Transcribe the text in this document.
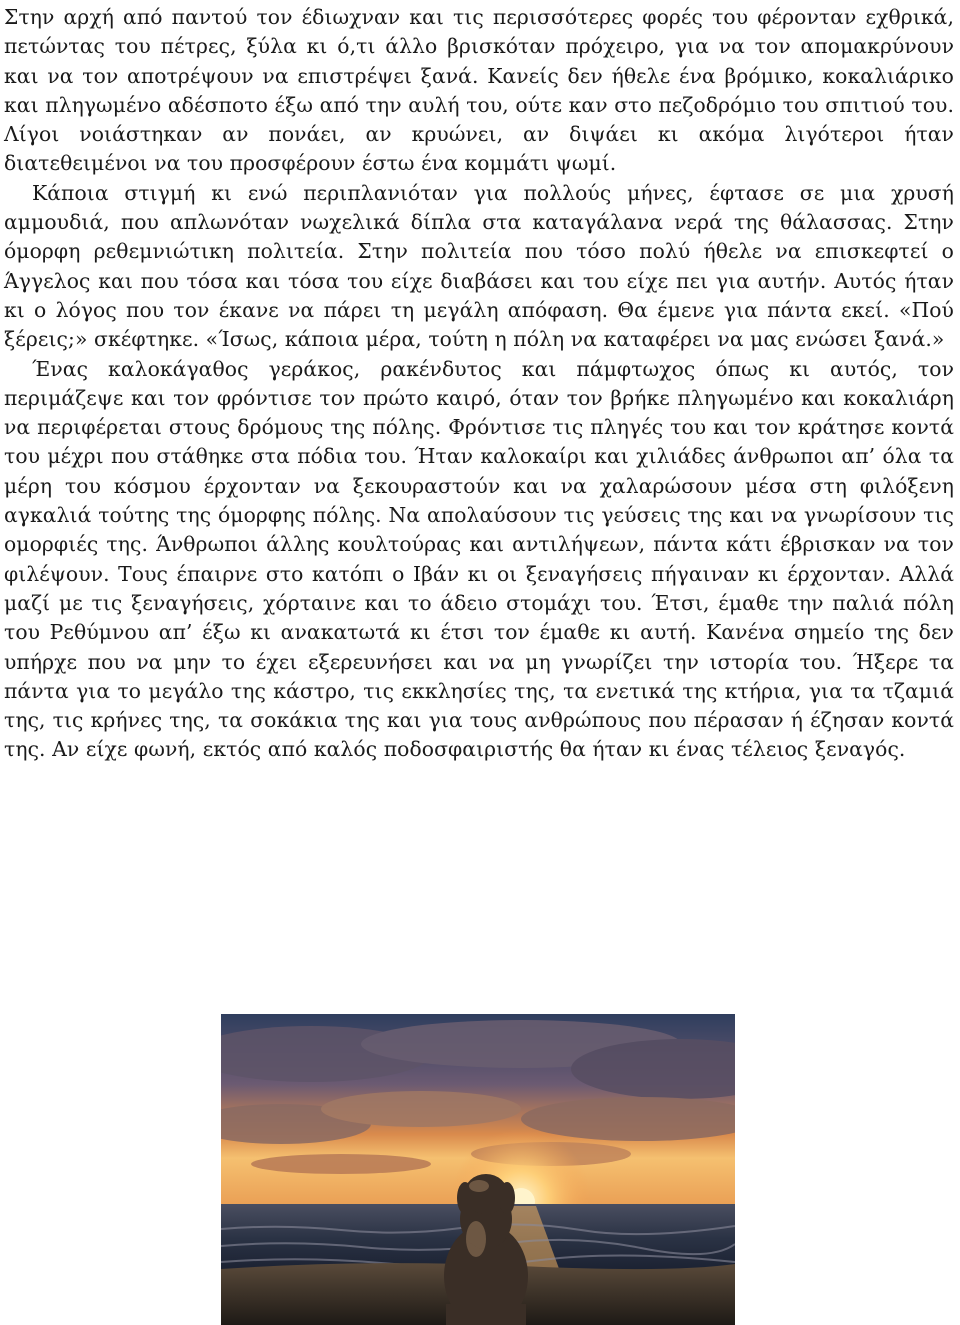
Στην αρχή από παντού τον έδιωχναν και τις περισσότερες φορές του φέρονταν εχθρικά, πετώντας του πέτρες, ξύλα κι ό,τι άλλο βρισκόταν πρόχειρο, για να τον απομακρύνουν και να τον αποτρέψουν να επιστρέψει ξανά. Κανείς δεν ήθελε ένα βρόμικο, κοκαλιάρικο και πληγωμένο αδέσποτο έξω από την αυλή του, ούτε καν στο πεζοδρόμιο του σπιτιού του. Λίγοι νοιάστηκαν αν πονάει, αν κρυώνει, αν διψάει κι ακόμα λιγότεροι ήταν διατεθειμένοι να του προσφέρουν έστω ένα κομμάτι ψωμί.

Κάποια στιγμή κι ενώ περιπλανιόταν για πολλούς μήνες, έφτασε σε μια χρυσή αμμουδιά, που απλωνόταν νωχελικά δίπλα στα καταγάλανα νερά της θάλασσας. Στην όμορφη ρεθεμνιώτικη πολιτεία. Στην πολιτεία που τόσο πολύ ήθελε να επισκεφτεί ο Άγγελος και που τόσα και τόσα του είχε διαβάσει και του είχε πει για αυτήν. Αυτός ήταν κι ο λόγος που τον έκανε να πάρει τη μεγάλη απόφαση. Θα έμενε για πάντα εκεί. «Πού ξέρεις;» σκέφτηκε. «Ίσως, κάποια μέρα, τούτη η πόλη να καταφέρει να μας ενώσει ξανά.»

Ένας καλοκάγαθος γεράκος, ρακένδυτος και πάμφτωχος όπως κι αυτός, τον περιμάζεψε και τον φρόντισε τον πρώτο καιρό, όταν τον βρήκε πληγωμένο και κοκαλιάρη να περιφέρεται στους δρόμους της πόλης. Φρόντισε τις πληγές του και τον κράτησε κοντά του μέχρι που στάθηκε στα πόδια του. Ήταν καλοκαίρι και χιλιάδες άνθρωποι απ’ όλα τα μέρη του κόσμου έρχονταν να ξεκουραστούν και να χαλαρώσουν μέσα στη φιλόξενη αγκαλιά τούτης της όμορφης πόλης. Να απολαύσουν τις γεύσεις της και να γνωρίσουν τις ομορφιές της. Άνθρωποι άλλης κουλτούρας και αντιλήψεων, πάντα κάτι έβρισκαν να τον φιλέψουν. Τους έπαιρνε στο κατόπι ο Ιβάν κι οι ξεναγήσεις πήγαιναν κι έρχονταν. Αλλά μαζί με τις ξεναγήσεις, χόρταινε και το άδειο στομάχι του. Έτσι, έμαθε την παλιά πόλη του Ρεθύμνου απ’ έξω κι ανακατωτά κι έτσι τον έμαθε κι αυτή. Κανένα σημείο της δεν υπήρχε που να μην το έχει εξερευνήσει και να μη γνωρίζει την ιστορία του. Ήξερε τα πάντα για το μεγάλο της κάστρο, τις εκκλησίες της, τα ενετικά της κτήρια, για τα τζαμιά της, τις κρήνες της, τα σοκάκια της και για τους ανθρώπους που πέρασαν ή έζησαν κοντά της. Αν είχε φωνή, εκτός από καλός ποδοσφαιριστής θα ήταν κι ένας τέλειος ξεναγός.
